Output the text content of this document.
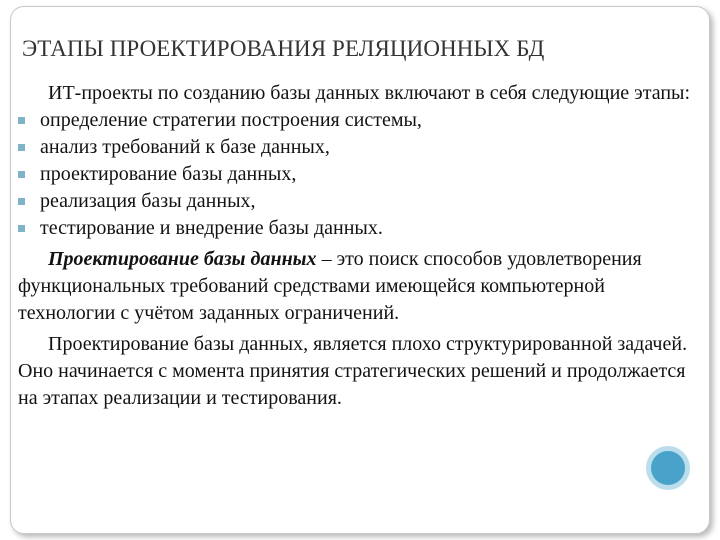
ЭТАПЫ ПРОЕКТИРОВАНИЯ РЕЛЯЦИОННЫХ БД

ИТ-проекты по созданию базы данных включают в себя следующие этапы:

определение стратегии построения системы,
анализ требований к базе данных,
проектирование базы данных,
реализация базы данных,
тестирование и внедрение базы данных.

Проектирование базы данных – это поиск способов удовлетворения функциональных требований средствами имеющейся компьютерной технологии с учётом заданных ограничений.

Проектирование базы данных, является плохо структурированной задачей. Оно начинается с момента принятия стратегических решений и продолжается на этапах реализации и тестирования.
